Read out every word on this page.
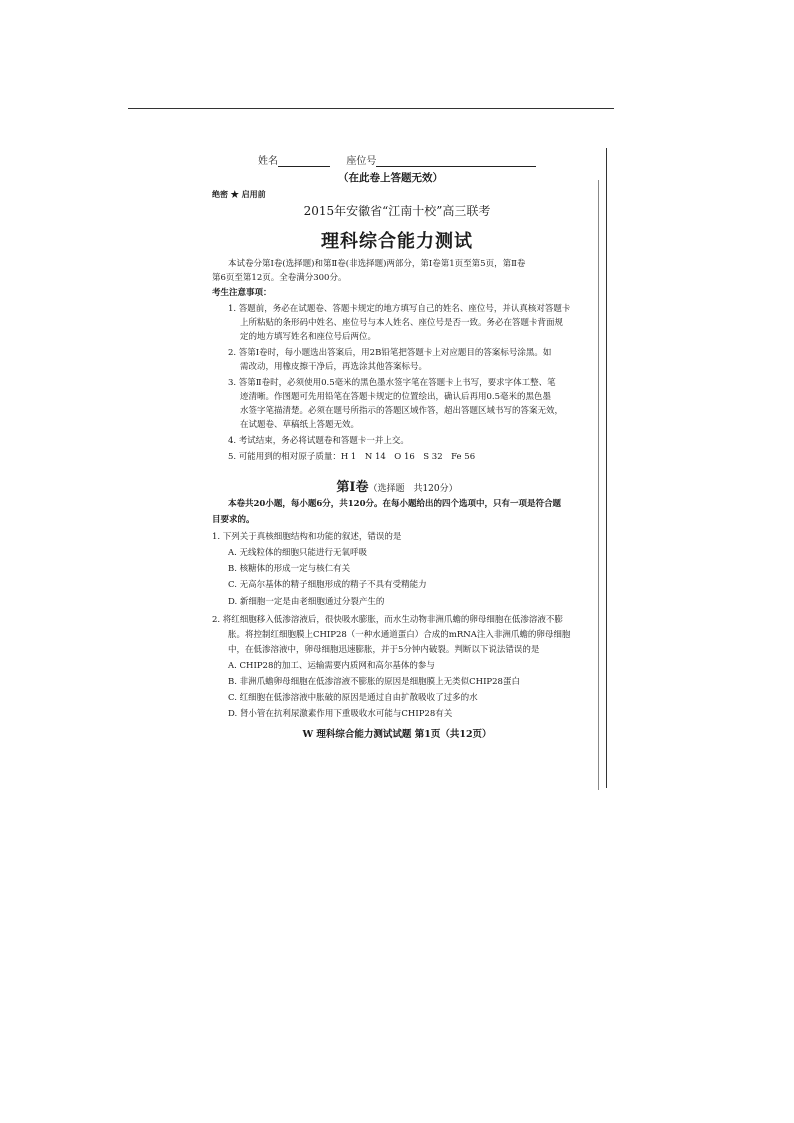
姓名	座位号
（在此卷上答题无效）
绝密 ★ 启用前
2015年安徽省“江南十校”高三联考
理科综合能力测试
本试卷分第Ⅰ卷(选择题)和第Ⅱ卷(非选择题)两部分，第Ⅰ卷第1页至第5页，第Ⅱ卷
第6页至第12页。全卷满分300分。
考生注意事项：
1. 答题前，务必在试题卷、答题卡规定的地方填写自己的姓名、座位号，并认真核对答题卡
上所粘贴的条形码中姓名、座位号与本人姓名、座位号是否一致。务必在答题卡背面规
定的地方填写姓名和座位号后两位。
2. 答第Ⅰ卷时，每小题选出答案后，用2B铅笔把答题卡上对应题目的答案标号涂黑。如
需改动，用橡皮擦干净后，再选涂其他答案标号。
3. 答第Ⅱ卷时，必须使用0.5毫米的黑色墨水签字笔在答题卡上书写，要求字体工整、笔
迹清晰。作图题可先用铅笔在答题卡规定的位置绘出，确认后再用0.5毫米的黑色墨
水签字笔描清楚。必须在题号所指示的答题区域作答，超出答题区域书写的答案无效，
在试题卷、草稿纸上答题无效。
4. 考试结束，务必将试题卷和答题卡一并上交。
5. 可能用到的相对原子质量：H 1　N 14　O 16　S 32　Fe 56
第Ⅰ卷（选择题　共120分）
本卷共20小题，每小题6分，共120分。在每小题给出的四个选项中，只有一项是符合题
目要求的。
1. 下列关于真核细胞结构和功能的叙述，错误的是
A. 无线粒体的细胞只能进行无氧呼吸
B. 核糖体的形成一定与核仁有关
C. 无高尔基体的精子细胞形成的精子不具有受精能力
D. 新细胞一定是由老细胞通过分裂产生的
2. 将红细胞移入低渗溶液后，很快吸水膨胀，而水生动物非洲爪蟾的卵母细胞在低渗溶液不膨
胀。将控制红细胞膜上CHIP28（一种水通道蛋白）合成的mRNA注入非洲爪蟾的卵母细胞
中，在低渗溶液中，卵母细胞迅速膨胀，并于5分钟内破裂。判断以下说法错误的是
A. CHIP28的加工、运输需要内质网和高尔基体的参与
B. 非洲爪蟾卵母细胞在低渗溶液不膨胀的原因是细胞膜上无类似CHIP28蛋白
C. 红细胞在低渗溶液中胀破的原因是通过自由扩散吸收了过多的水
D. 肾小管在抗利尿激素作用下重吸收水可能与CHIP28有关
W 理科综合能力测试试题 第1页（共12页）
